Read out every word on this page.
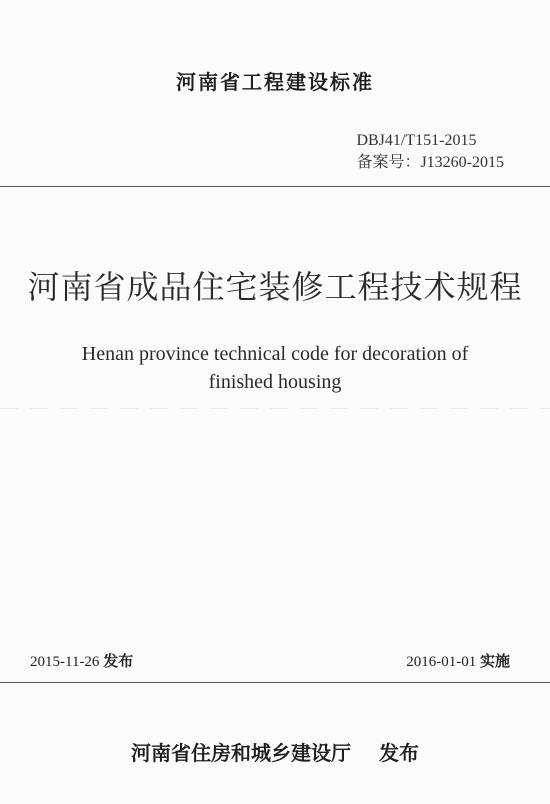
河南省工程建设标准
DBJ41/T151-2015
备案号：J13260-2015
河南省成品住宅装修工程技术规程
Henan province technical code for decoration of
finished housing
2015-11-26 发布	2016-01-01 实施
河南省住房和城乡建设厅 发布
